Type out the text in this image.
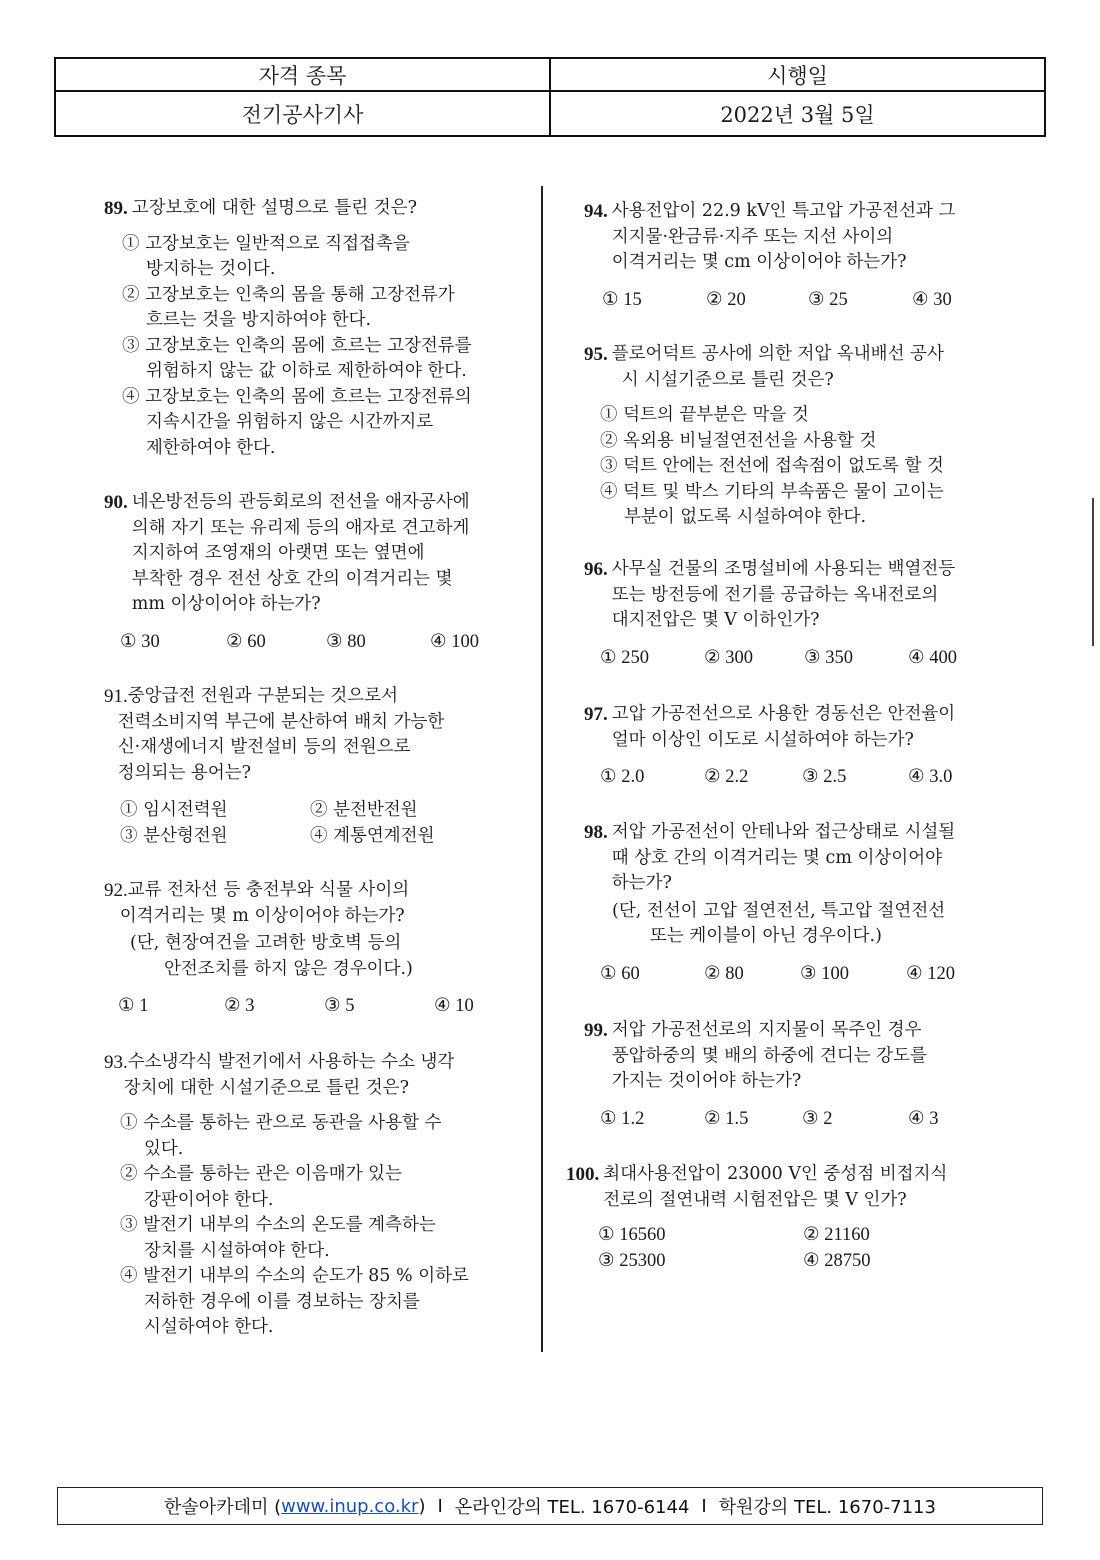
자격 종목	시행일
전기공사기사	2022년 3월 5일
89. 고장보호에 대한 설명으로 틀린 것은?
① 고장보호는 일반적으로 직접접촉을
방지하는 것이다.
② 고장보호는 인축의 몸을 통해 고장전류가
흐르는 것을 방지하여야 한다.
③ 고장보호는 인축의 몸에 흐르는 고장전류를
위험하지 않는 값 이하로 제한하여야 한다.
④ 고장보호는 인축의 몸에 흐르는 고장전류의
지속시간을 위험하지 않은 시간까지로
제한하여야 한다.
90. 네온방전등의 관등회로의 전선을 애자공사에
의해 자기 또는 유리제 등의 애자로 견고하게
지지하여 조영재의 아랫면 또는 옆면에
부착한 경우 전선 상호 간의 이격거리는 몇
mm 이상이어야 하는가?
① 30	② 60	③ 80	④ 100
91. 중앙급전 전원과 구분되는 것으로서
전력소비지역 부근에 분산하여 배치 가능한
신·재생에너지 발전설비 등의 전원으로
정의되는 용어는?
① 임시전력원	② 분전반전원
③ 분산형전원	④ 계통연계전원
92. 교류 전차선 등 충전부와 식물 사이의
이격거리는 몇 m 이상이어야 하는가?
(단, 현장여건을 고려한 방호벽 등의
안전조치를 하지 않은 경우이다.)
① 1	② 3	③ 5	④ 10
93. 수소냉각식 발전기에서 사용하는 수소 냉각
장치에 대한 시설기준으로 틀린 것은?
① 수소를 통하는 관으로 동관을 사용할 수
있다.
② 수소를 통하는 관은 이음매가 있는
강판이어야 한다.
③ 발전기 내부의 수소의 온도를 계측하는
장치를 시설하여야 한다.
④ 발전기 내부의 수소의 순도가 85 % 이하로
저하한 경우에 이를 경보하는 장치를
시설하여야 한다.
94. 사용전압이 22.9 kV인 특고압 가공전선과 그
지지물·완금류·지주 또는 지선 사이의
이격거리는 몇 cm 이상이어야 하는가?
① 15	② 20	③ 25	④ 30
95. 플로어덕트 공사에 의한 저압 옥내배선 공사
시 시설기준으로 틀린 것은?
① 덕트의 끝부분은 막을 것
② 옥외용 비닐절연전선을 사용할 것
③ 덕트 안에는 전선에 접속점이 없도록 할 것
④ 덕트 및 박스 기타의 부속품은 물이 고이는
부분이 없도록 시설하여야 한다.
96. 사무실 건물의 조명설비에 사용되는 백열전등
또는 방전등에 전기를 공급하는 옥내전로의
대지전압은 몇 V 이하인가?
① 250	② 300	③ 350	④ 400
97. 고압 가공전선으로 사용한 경동선은 안전율이
얼마 이상인 이도로 시설하여야 하는가?
① 2.0	② 2.2	③ 2.5	④ 3.0
98. 저압 가공전선이 안테나와 접근상태로 시설될
때 상호 간의 이격거리는 몇 cm 이상이어야
하는가?
(단, 전선이 고압 절연전선, 특고압 절연전선
또는 케이블이 아닌 경우이다.)
① 60	② 80	③ 100	④ 120
99. 저압 가공전선로의 지지물이 목주인 경우
풍압하중의 몇 배의 하중에 견디는 강도를
가지는 것이어야 하는가?
① 1.2	② 1.5	③ 2	④ 3
100. 최대사용전압이 23000 V인 중성점 비접지식
전로의 절연내력 시험전압은 몇 V 인가?
① 16560	② 21160
③ 25300	④ 28750
한솔아카데미 ( www.inup.co.kr ) I 온라인강의 TEL. 1670-6144 I 학원강의 TEL. 1670-7113
